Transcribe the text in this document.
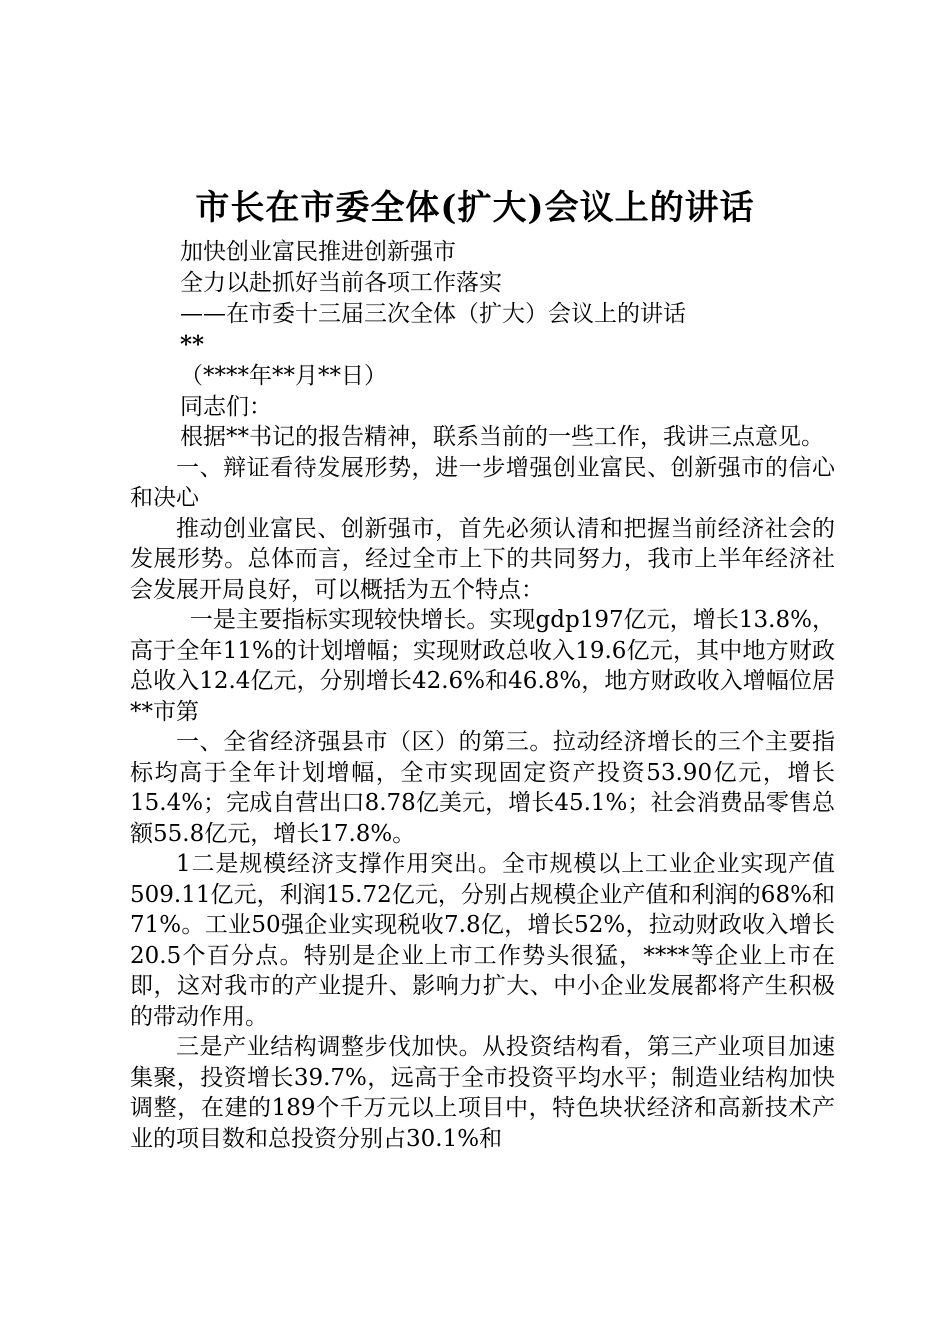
市长在市委全体(扩大)会议上的讲话
加快创业富民推进创新强市
全力以赴抓好当前各项工作落实
——在市委十三届三次全体（扩大）会议上的讲话
**
（****年**月**日）
同志们：

根据**书记的报告精神，联系当前的一些工作，我讲三点意见。

一、辩证看待发展形势，进一步增强创业富民、创新强市的信心和决心

推动创业富民、创新强市，首先必须认清和把握当前经济社会的发展形势。总体而言，经过全市上下的共同努力，我市上半年经济社会发展开局良好，可以概括为五个特点：

一是主要指标实现较快增长。实现gdp197亿元，增长13.8%，高于全年11%的计划增幅；实现财政总收入19.6亿元，其中地方财政总收入12.4亿元，分别增长42.6%和46.8%，地方财政收入增幅位居**市第

一、全省经济强县市（区）的第三。拉动经济增长的三个主要指标均高于全年计划增幅，全市实现固定资产投资53.90亿元，增长15.4%；完成自营出口8.78亿美元，增长45.1%；社会消费品零售总额55.8亿元，增长17.8%。

1二是规模经济支撑作用突出。全市规模以上工业企业实现产值509.11亿元，利润15.72亿元，分别占规模企业产值和利润的68%和71%。工业50强企业实现税收7.8亿，增长52%，拉动财政收入增长20.5个百分点。特别是企业上市工作势头很猛，****等企业上市在即，这对我市的产业提升、影响力扩大、中小企业发展都将产生积极的带动作用。

三是产业结构调整步伐加快。从投资结构看，第三产业项目加速集聚，投资增长39.7%，远高于全市投资平均水平；制造业结构加快调整，在建的189个千万元以上项目中，特色块状经济和高新技术产业的项目数和总投资分别占30.1%和
